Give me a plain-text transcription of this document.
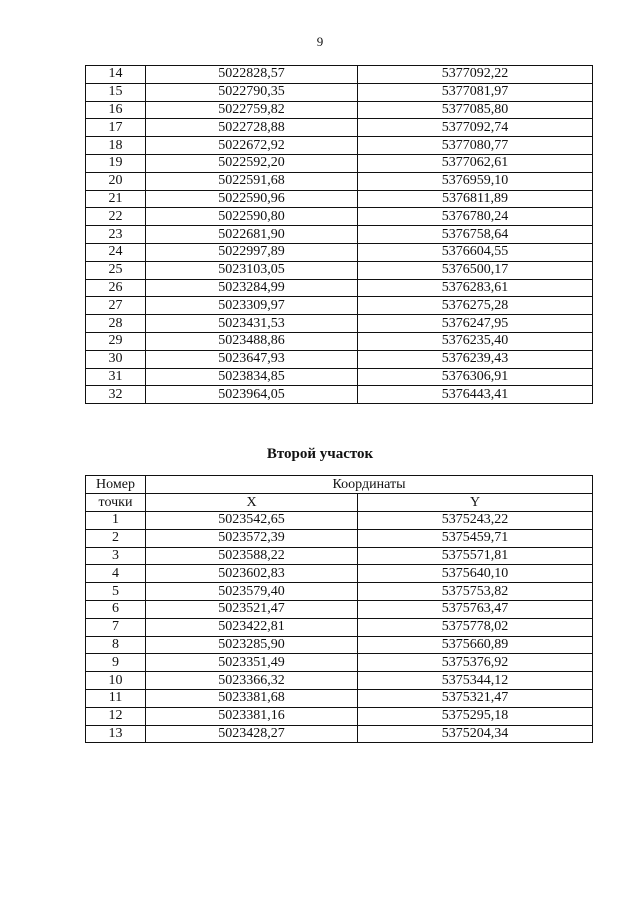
9
14	5022828,57	5377092,22
15	5022790,35	5377081,97
16	5022759,82	5377085,80
17	5022728,88	5377092,74
18	5022672,92	5377080,77
19	5022592,20	5377062,61
20	5022591,68	5376959,10
21	5022590,96	5376811,89
22	5022590,80	5376780,24
23	5022681,90	5376758,64
24	5022997,89	5376604,55
25	5023103,05	5376500,17
26	5023284,99	5376283,61
27	5023309,97	5376275,28
28	5023431,53	5376247,95
29	5023488,86	5376235,40
30	5023647,93	5376239,43
31	5023834,85	5376306,91
32	5023964,05	5376443,41
Второй участок
Номер	Координаты	
точки	X	Y
1	5023542,65	5375243,22
2	5023572,39	5375459,71
3	5023588,22	5375571,81
4	5023602,83	5375640,10
5	5023579,40	5375753,82
6	5023521,47	5375763,47
7	5023422,81	5375778,02
8	5023285,90	5375660,89
9	5023351,49	5375376,92
10	5023366,32	5375344,12
11	5023381,68	5375321,47
12	5023381,16	5375295,18
13	5023428,27	5375204,34
